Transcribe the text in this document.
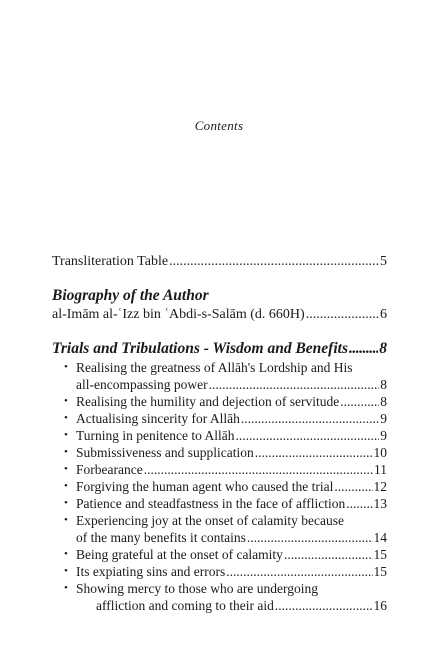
Contents
Transliteration Table .....	5
Biography of the Author
al-Imām al-ʿIzz bin ʿAbdi-s-Salām (d. 660H) .....	6
Trials and Tribulations - Wisdom and Benefits ..... 8
• Realising the greatness of Allāh's Lordship and His
all-encompassing power .....	8
• Realising the humility and dejection of servitude .....	8
• Actualising sincerity for Allāh .....	9
• Turning in penitence to Allāh .....	9
• Submissiveness and supplication .....	10
• Forbearance .....	11
• Forgiving the human agent who caused the trial .....	12
• Patience and steadfastness in the face of affliction ..... 13
• Experiencing joy at the onset of calamity because
of the many benefits it contains .....	14
• Being grateful at the onset of calamity .....	15
• Its expiating sins and errors .....	15
• Showing mercy to those who are undergoing
affliction and coming to their aid .....	16
